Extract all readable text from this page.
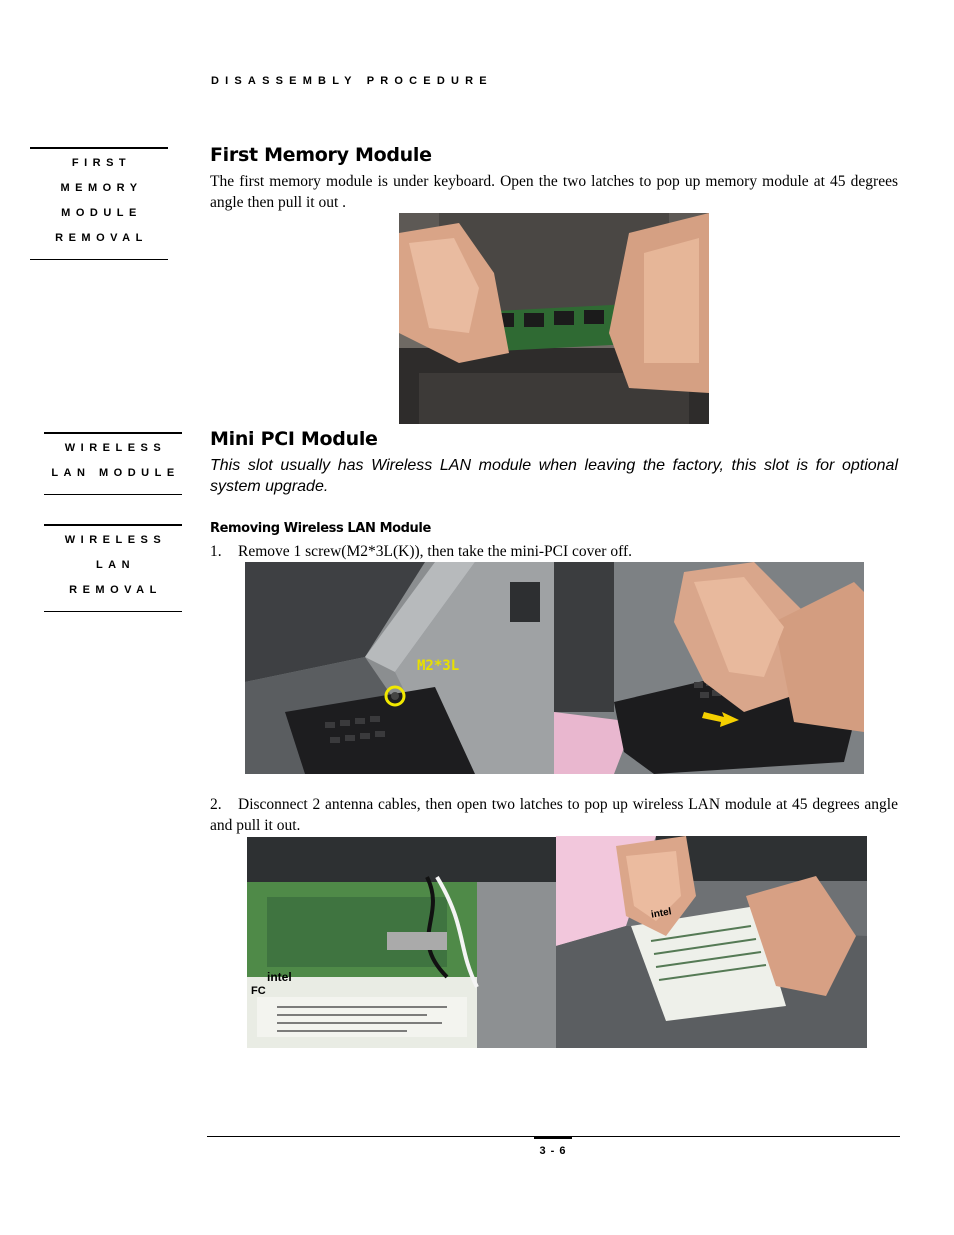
DISASSEMBLY PROCEDURE
FIRST
MEMORY
MODULE
REMOVAL
First Memory Module
The first memory module is under keyboard. Open the two latches to pop up memory module at 45 degrees angle then pull it out .
WIRELESS
LAN MODULE
Mini PCI Module
This slot usually has Wireless LAN module when leaving the factory, this slot is for optional system upgrade.
WIRELESS
LAN
REMOVAL
Removing Wireless LAN Module
1. Remove 1 screw(M2*3L(K)), then take the mini-PCI cover off.
M2*3L
2. Disconnect 2 antenna cables, then open two latches to pop up wireless LAN module at 45 degrees angle and pull it out.
intel
FC
intel
3 - 6
